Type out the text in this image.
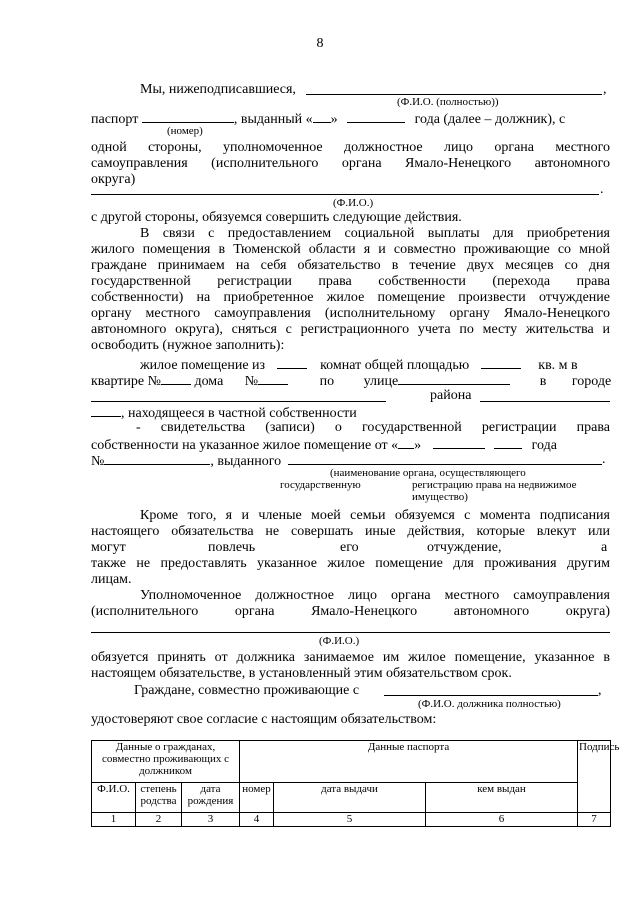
8
Мы, нижеподписавшиеся,	,
(Ф.И.О. (полностью))
паспорт	, выданный « »	года (далее – должник), с
(номер)
одной стороны, уполномоченное должностное лицо органа местного
самоуправления (исполнительного органа Ямало-Ненецкого автономного
округа)
.
(Ф.И.О.)
с другой стороны, обязуемся совершить следующие действия.
В связи с предоставлением социальной выплаты для приобретения
жилого помещения в Тюменской области я и совместно проживающие со мной
граждане принимаем на себя обязательство в течение двух месяцев со дня
государственной регистрации права собственности (перехода права
собственности) на приобретенное жилое помещение произвести отчуждение
органу местного самоуправления (исполнительному органу Ямало-Ненецкого
автономного округа), сняться с регистрационного учета по месту жительства и
освободить (нужное заполнить):
жилое помещение из	комнат общей площадью	кв. м в
квартире № дома №	по улице	в городе
района
, находящееся в частной собственности
- свидетельства (записи) о государственной регистрации права
собственности на указанное жилое помещение от « »	года
№	, выданного	.
(наименование органа, осуществляющего
государственную	регистрацию права на недвижимое
имущество)
Кроме того, я и членые моей семьи обязуемся с момента подписания
настоящего обязательства не совершать иные действия, которые влекут или
могут	повлечь	его	отчуждение,	а
также не предоставлять указанное жилое помещение для проживания другим
лицам.
Уполномоченное должностное лицо органа местного самоуправления
(исполнительного органа Ямало-Ненецкого автономного округа)
(Ф.И.О.)
обязуется принять от должника занимаемое им жилое помещение, указанное в
настоящем обязательстве, в установленный этим обязательством срок.
Граждане, совместно проживающие с	,
(Ф.И.О. должника полностью)
удостоверяют свое согласие с настоящим обязательством:
Данные о гражданах, совместно проживающих с должником			Данные паспорта			Подпись
Ф.И.О.	степень родства	дата рождения	номер	дата выдачи	кем выдан	
1	2	3	4	5	6	7
